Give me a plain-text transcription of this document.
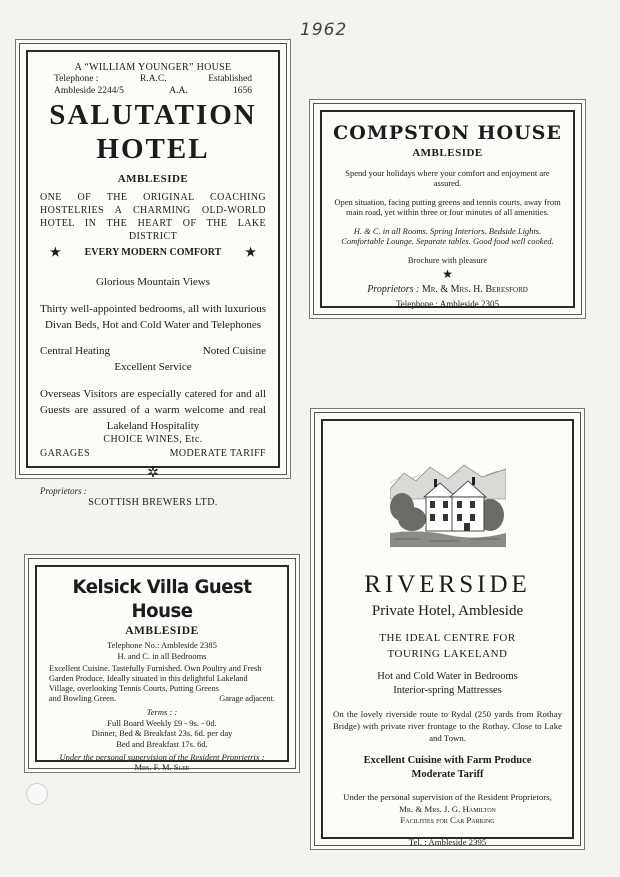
1962
A “WILLIAM YOUNGER” HOUSE
Telephone :	R.A.C.	Established
Ambleside 2244/5	A.A.	1656
SALUTATION
HOTEL
AMBLESIDE
ONE OF THE ORIGINAL COACHING HOSTELRIES A CHARMING OLD-WORLD HOTEL IN THE HEART OF THE LAKE DISTRICT
★ EVERY MODERN COMFORT ★
Glorious Mountain Views
Thirty well-appointed bedrooms, all with luxurious Divan Beds, Hot and Cold Water and Telephones
Central Heating	Noted Cuisine
Excellent Service
Overseas Visitors are especially catered for and all Guests are assured of a warm welcome and real Lakeland Hospitality
CHOICE WINES, Etc.
GARAGES	MODERATE TARIFF
✲
Proprietors :
SCOTTISH BREWERS LTD.
COMPSTON HOUSE
AMBLESIDE
Spend your holidays where your comfort and enjoyment are assured.
Open situation, facing putting greens and tennis courts, away from main road, yet within three or four minutes of all amenities.
H. & C. in all Rooms. Spring Interiors. Bedside Lights. Comfortable Lounge. Separate tables. Good food well cooked.
Brochure with pleasure
★
Proprietors : Mr. & Mrs. H. Beresford
Telephone : Ambleside 2305
Kelsick Villa Guest House
AMBLESIDE
Telephone No.: Ambleside 2385
H. and C. in all Bedrooms
Excellent Cuisine. Tastefully Furnished. Own Poultry and Fresh Garden Produce. Ideally situated in this delightful Lakeland Village, overlooking Tennis Courts, Putting Greens
and Bowling Green.	Garage adjacent.
Terms : :
Full Board Weekly £9 - 9s. - 0d.
Dinner, Bed & Breakfast 23s. 6d. per day
Bed and Breakfast 17s. 6d.
Under the personal supervision of the Resident Proprietrix :
Mrs. F. M. Slee
RIVERSIDE
Private Hotel, Ambleside
THE IDEAL CENTRE FOR
TOURING LAKELAND
Hot and Cold Water in Bedrooms
Interior-spring Mattresses
On the lovely riverside route to Rydal (250 yards from Rothay Bridge) with private river frontage to the Rothay. Close to Lake and Town.
Excellent Cuisine with Farm Produce
Moderate Tariff
Under the personal supervision of the Resident Proprietors,
Mr. & Mrs. J. G. Hamilton
Facilities for Car Parking
Tel. : Ambleside 2395
